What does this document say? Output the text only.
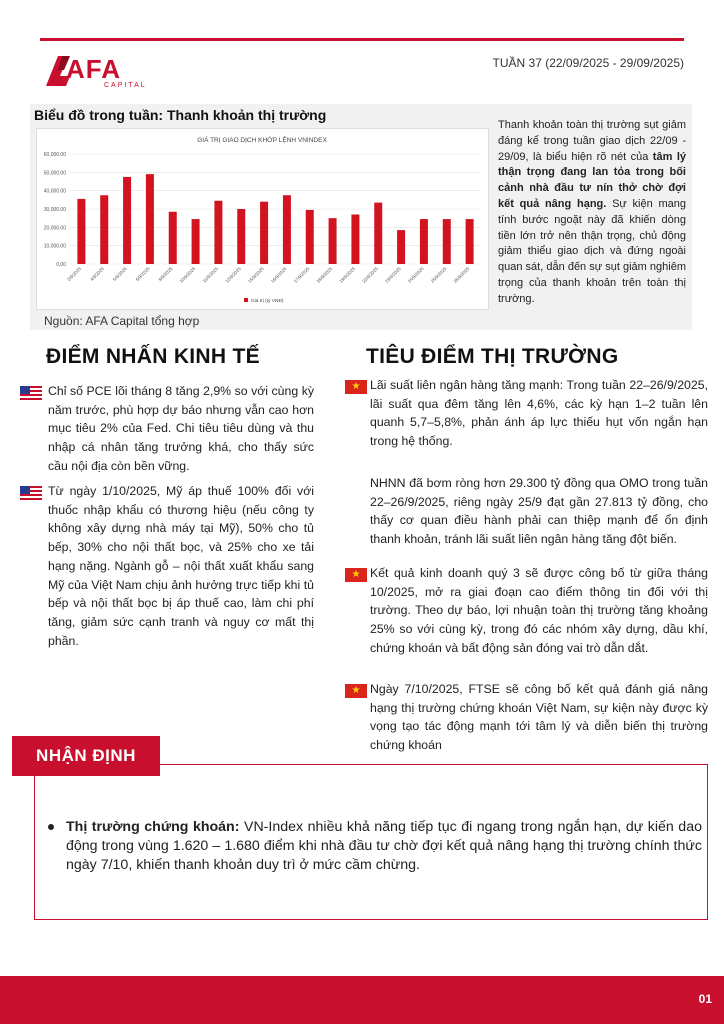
AFA
CAPITAL
TUẦN 37 (22/09/2025 - 29/09/2025)
Biểu đồ trong tuần: Thanh khoản thị trường
GIÁ TRỊ GIAO DỊCH KHỚP LỆNH VNINDEX
0,00
10,000.00
20,000.00
30,000.00
40,000.00
50,000.00
60,000.00
2/9/2025 4/9/2025 5/9/2025 6/9/2025 8/9/2025 10/9/2025 11/9/2025 12/9/2025 15/9/2025 16/9/2025 17/9/2025 18/9/2025 19/9/2025 22/9/2025 23/9/2025 24/9/2025 25/9/2025 26/9/2025
Giá trị (tỷ VNĐ)
Nguồn: AFA Capital tổng hợp
Thanh khoản toàn thị trường sụt giảm đáng kể trong tuần giao dịch 22/09 - 29/09, là biểu hiện rõ nét của tâm lý thận trọng đang lan tỏa trong bối cảnh nhà đầu tư nín thở chờ đợi kết quả nâng hạng. Sự kiện mang tính bước ngoặt này đã khiến dòng tiền lớn trở nên thận trọng, chủ động giảm thiểu giao dịch và đứng ngoài quan sát, dẫn đến sự sụt giảm nghiêm trọng của thanh khoản trên toàn thị trường.
ĐIỂM NHẤN KINH TẾ
Chỉ số PCE lõi tháng 8 tăng 2,9% so với cùng kỳ năm trước, phù hợp dự báo nhưng vẫn cao hơn mục tiêu 2% của Fed. Chi tiêu tiêu dùng và thu nhập cá nhân tăng trưởng khá, cho thấy sức cầu nội địa còn bền vững.
Từ ngày 1/10/2025, Mỹ áp thuế 100% đối với thuốc nhập khẩu có thương hiệu (nếu công ty không xây dựng nhà máy tại Mỹ), 50% cho tủ bếp, 30% cho nội thất bọc, và 25% cho xe tải hạng nặng. Ngành gỗ – nội thất xuất khẩu sang Mỹ của Việt Nam chịu ảnh hưởng trực tiếp khi tủ bếp và nội thất bọc bị áp thuế cao, làm chi phí tăng, giảm sức cạnh tranh và nguy cơ mất thị phần.
TIÊU ĐIỂM THỊ TRƯỜNG
★ Lãi suất liên ngân hàng tăng mạnh: Trong tuần 22–26/9/2025, lãi suất qua đêm tăng lên 4,6%, các kỳ hạn 1–2 tuần lên quanh 5,7–5,8%, phản ánh áp lực thiếu hụt vốn ngắn hạn trong hệ thống.
NHNN đã bơm ròng hơn 29.300 tỷ đồng qua OMO trong tuần 22–26/9/2025, riêng ngày 25/9 đạt gần 27.813 tỷ đồng, cho thấy cơ quan điều hành phải can thiệp mạnh để ổn định thanh khoản, tránh lãi suất liên ngân hàng tăng đột biến.
★ Kết quả kinh doanh quý 3 sẽ được công bố từ giữa tháng 10/2025, mở ra giai đoạn cao điểm thông tin đối với thị trường. Theo dự báo, lợi nhuận toàn thị trường tăng khoảng 25% so với cùng kỳ, trong đó các nhóm xây dựng, dầu khí, chứng khoán và bất động sản đóng vai trò dẫn dắt.
★ Ngày 7/10/2025, FTSE sẽ công bố kết quả đánh giá nâng hạng thị trường chứng khoán Việt Nam, sự kiện này được kỳ vọng tạo tác động mạnh tới tâm lý và diễn biến thị trường chứng khoán
NHẬN ĐỊNH
Thị trường chứng khoán: VN-Index nhiều khả năng tiếp tục đi ngang trong ngắn hạn, dự kiến dao động trong vùng 1.620 – 1.680 điểm khi nhà đầu tư chờ đợi kết quả nâng hạng thị trường chính thức ngày 7/10, khiến thanh khoản duy trì ở mức cầm chừng.
01
